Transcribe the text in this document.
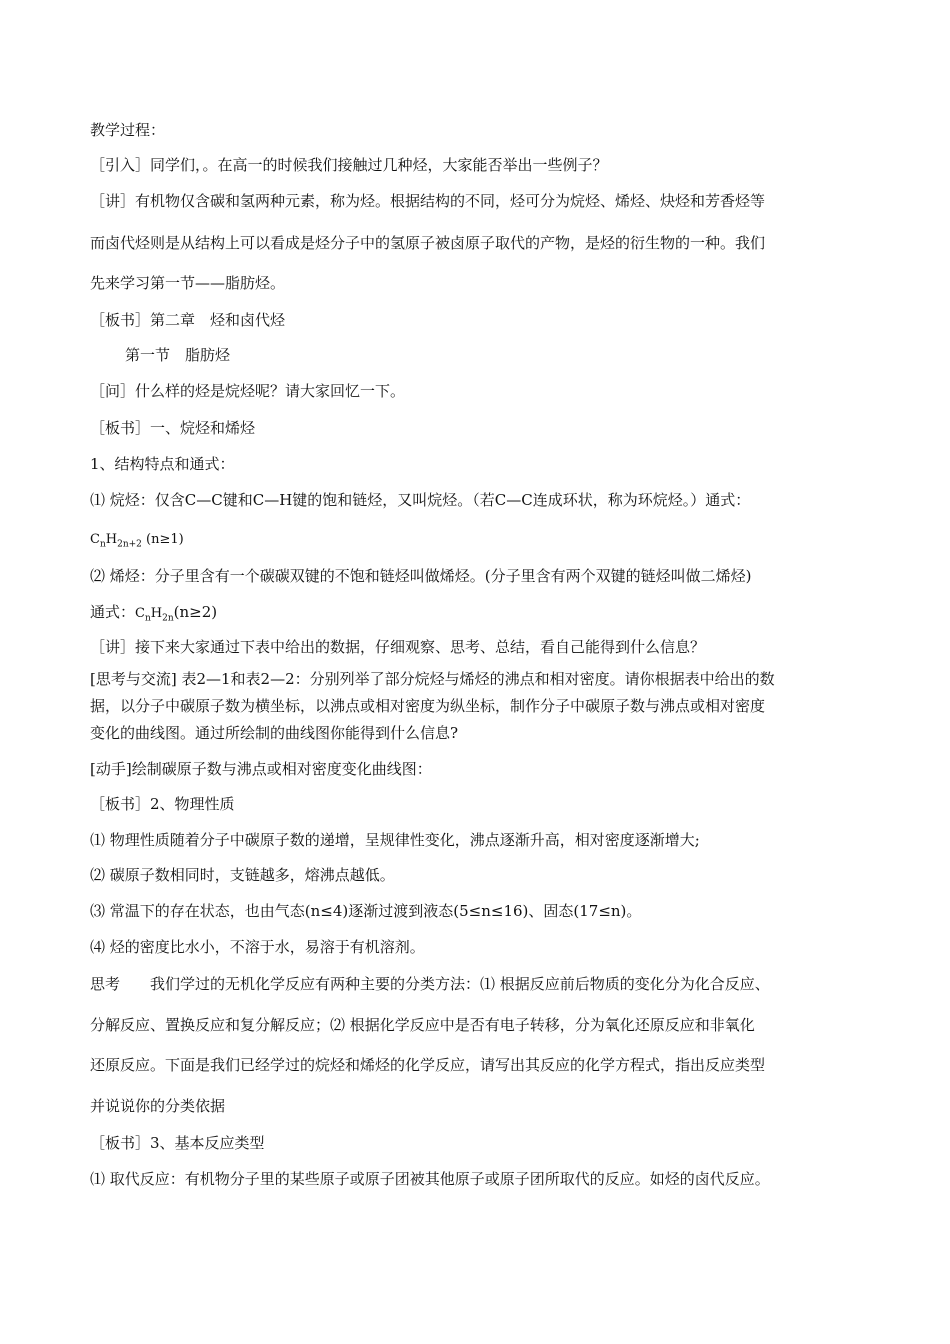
教学过程：
［引入］同学们，。在高一的时候我们接触过几种烃，大家能否举出一些例子？
［讲］有机物仅含碳和氢两种元素，称为烃。根据结构的不同，烃可分为烷烃、烯烃、炔烃和芳香烃等
而卤代烃则是从结构上可以看成是烃分子中的氢原子被卤原子取代的产物，是烃的衍生物的一种。我们
先来学习第一节——脂肪烃。
［板书］第二章　烃和卤代烃
第一节　脂肪烃
［问］什么样的烃是烷烃呢？请大家回忆一下。
［板书］一、烷烃和烯烃
1、结构特点和通式：
⑴ 烷烃：仅含C—C键和C—H键的饱和链烃，又叫烷烃。（若C—C连成环状，称为环烷烃。）通式：
$C_nH_{2n+2}$ (n≥1)
⑵ 烯烃：分子里含有一个碳碳双键的不饱和链烃叫做烯烃。(分子里含有两个双键的链烃叫做二烯烃)
通式：$C_nH_{2n}(n\ge 2)$
［讲］接下来大家通过下表中给出的数据，仔细观察、思考、总结，看自己能得到什么信息？
[思考与交流] 表2—1和表2—2：分别列举了部分烷烃与烯烃的沸点和相对密度。请你根据表中给出的数
据，以分子中碳原子数为横坐标，以沸点或相对密度为纵坐标，制作分子中碳原子数与沸点或相对密度
变化的曲线图。通过所绘制的曲线图你能得到什么信息?
[动手]绘制碳原子数与沸点或相对密度变化曲线图：
［板书］2、物理性质
⑴ 物理性质随着分子中碳原子数的递增，呈规律性变化，沸点逐渐升高，相对密度逐渐增大;
⑵ 碳原子数相同时，支链越多，熔沸点越低。
⑶ 常温下的存在状态，也由气态(n≤4)逐渐过渡到液态(5≤n≤16)、固态(17≤n)。
⑷ 烃的密度比水小，不溶于水，易溶于有机溶剂。
思考　　我们学过的无机化学反应有两种主要的分类方法：⑴ 根据反应前后物质的变化分为化合反应、
分解反应、置换反应和复分解反应；⑵ 根据化学反应中是否有电子转移，分为氧化还原反应和非氧化
还原反应。下面是我们已经学过的烷烃和烯烃的化学反应，请写出其反应的化学方程式，指出反应类型
并说说你的分类依据
［板书］3、基本反应类型
⑴ 取代反应：有机物分子里的某些原子或原子团被其他原子或原子团所取代的反应。如烃的卤代反应。
